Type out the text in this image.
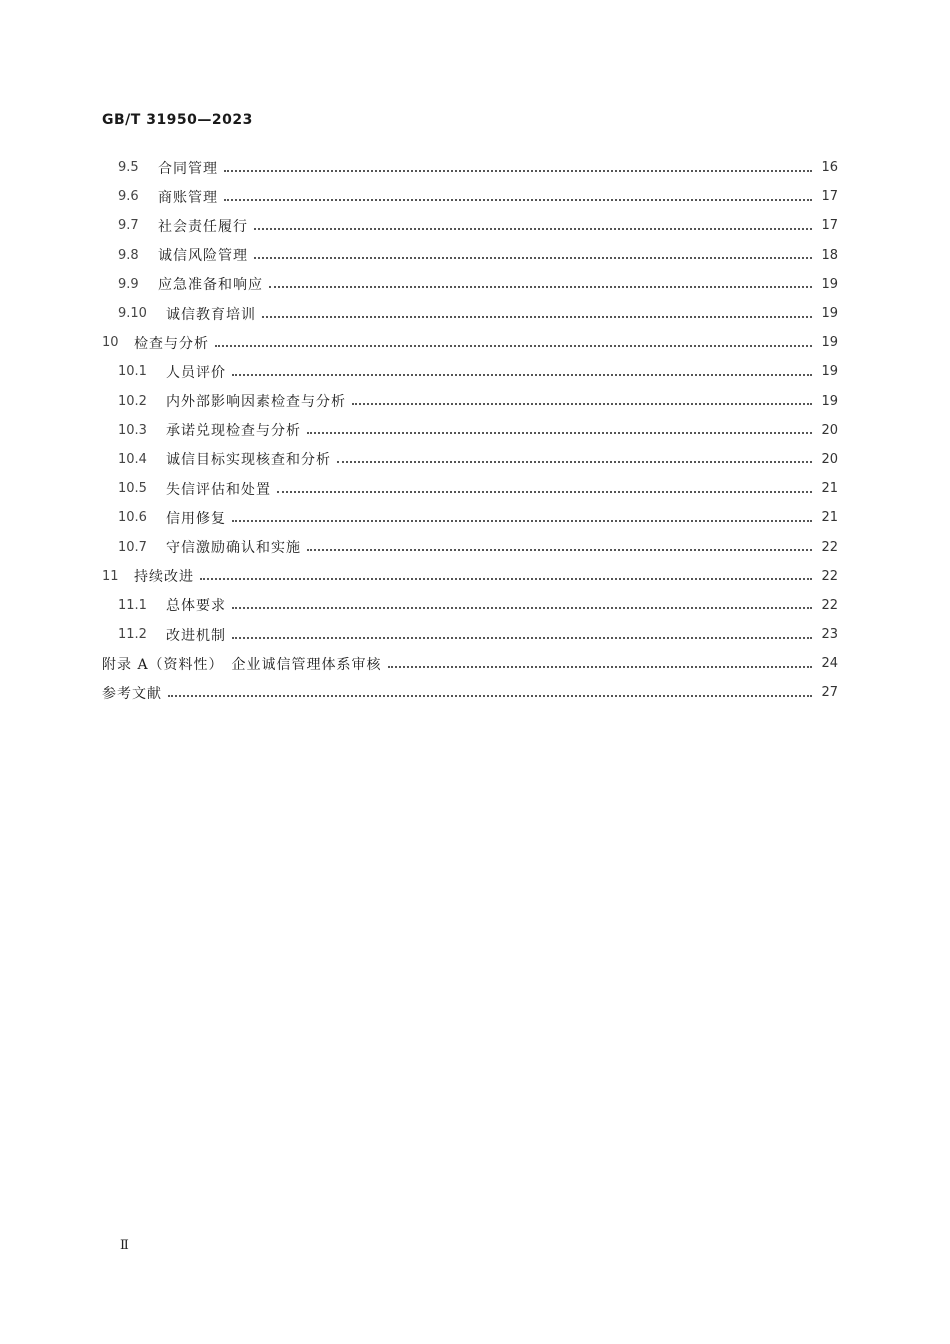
GB/T 31950—2023
9.5	合同管理	16
9.6	商账管理	17
9.7	社会责任履行	17
9.8	诚信风险管理	18
9.9	应急准备和响应	19
9.10	诚信教育培训	19
10	检查与分析	19
10.1	人员评价	19
10.2	内外部影响因素检查与分析	19
10.3	承诺兑现检查与分析	20
10.4	诚信目标实现核查和分析	20
10.5	失信评估和处置	21
10.6	信用修复	21
10.7	守信激励确认和实施	22
11	持续改进	22
11.1	总体要求	22
11.2	改进机制	23
附录 A（资料性）　企业诚信管理体系审核	24
参考文献	27
Ⅱ
